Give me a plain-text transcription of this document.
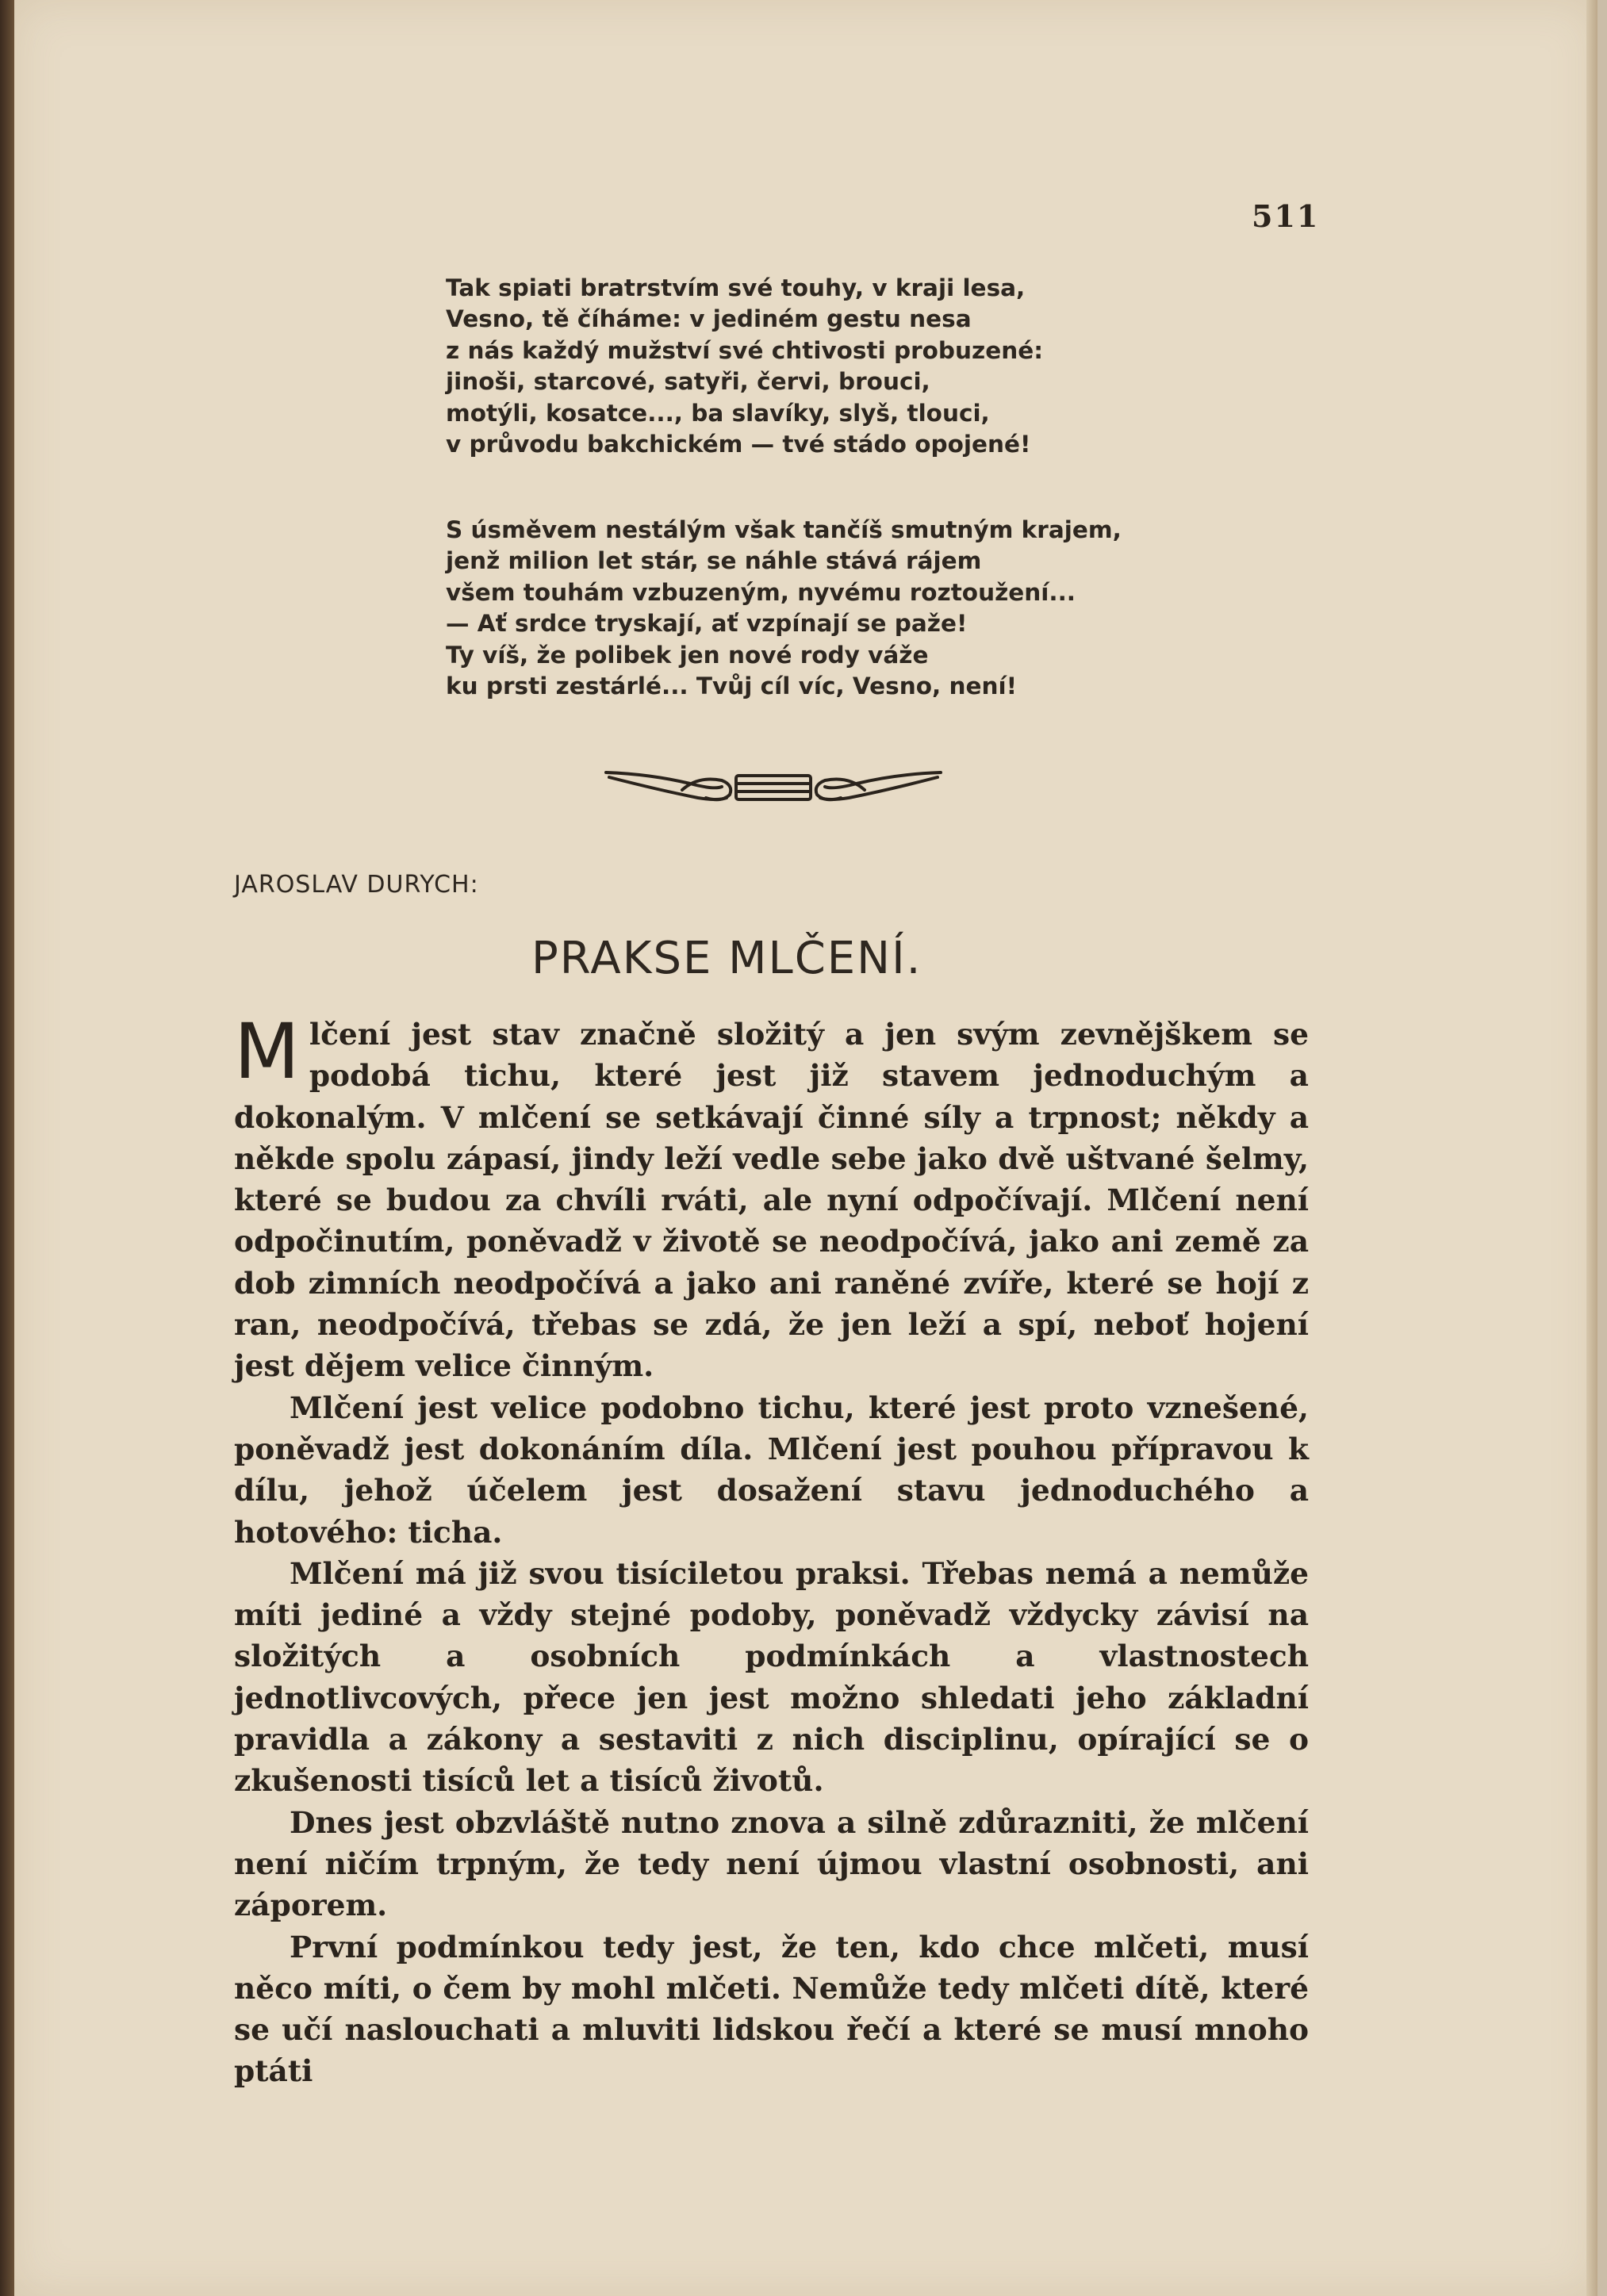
511
Tak spiati bratrstvím své touhy, v kraji lesa,
Vesno, tě číháme: v jediném gestu nesa
z nás každý mužství své chtivosti probuzené:
jinoši, starcové, satyři, červi, brouci,
motýli, kosatce..., ba slavíky, slyš, tlouci,
v průvodu bakchickém — tvé stádo opojené!
S úsměvem nestálým však tančíš smutným krajem,
jenž milion let stár, se náhle stává rájem
všem touhám vzbuzeným, nyvému roztoužení...
— Ať srdce tryskají, ať vzpínají se paže!
Ty víš, že polibek jen nové rody váže
ku prsti zestárlé... Tvůj cíl víc, Vesno, není!
JAROSLAV DURYCH:
PRAKSE MLČENÍ.

Mlčení jest stav značně složitý a jen svým zevnějškem se podobá tichu, které jest již stavem jednoduchým a dokonalým. V mlčení se setkávají činné síly a trpnost; někdy a někde spolu zápasí, jindy leží vedle sebe jako dvě uštvané šelmy, které se budou za chvíli rváti, ale nyní odpočívají. Mlčení není odpočinutím, poněvadž v životě se neodpočívá, jako ani země za dob zimních neodpočívá a jako ani raněné zvíře, které se hojí z ran, neodpočívá, třebas se zdá, že jen leží a spí, neboť hojení jest dějem velice činným.

Mlčení jest velice podobno tichu, které jest proto vznešené, poněvadž jest dokonáním díla. Mlčení jest pouhou přípravou k dílu, jehož účelem jest dosažení stavu jednoduchého a hotového: ticha.

Mlčení má již svou tisíciletou praksi. Třebas nemá a nemůže míti jediné a vždy stejné podoby, poněvadž vždycky závisí na složitých a osobních podmínkách a vlastnostech jednotlivcových, přece jen jest možno shledati jeho základní pravidla a zákony a sestaviti z nich disciplinu, opírající se o zkušenosti tisíců let a tisíců životů.

Dnes jest obzvláště nutno znova a silně zdůrazniti, že mlčení není ničím trpným, že tedy není újmou vlastní osobnosti, ani záporem.

První podmínkou tedy jest, že ten, kdo chce mlčeti, musí něco míti, o čem by mohl mlčeti. Nemůže tedy mlčeti dítě, které se učí naslouchati a mluviti lidskou řečí a které se musí mnoho ptáti
